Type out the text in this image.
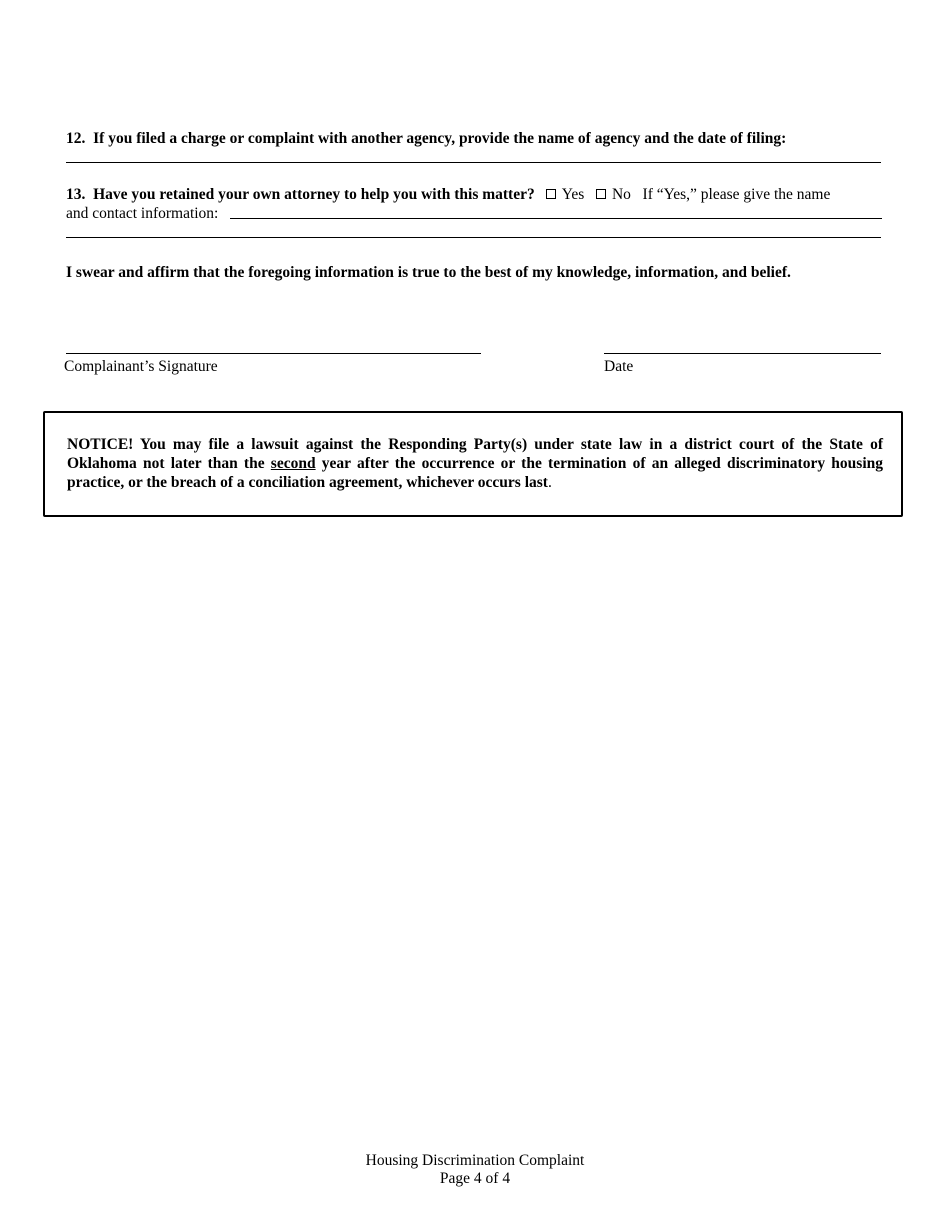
12. If you filed a charge or complaint with another agency, provide the name of agency and the date of filing:
13. Have you retained your own attorney to help you with this matter? Yes No If “Yes,” please give the name
and contact information:
I swear and affirm that the foregoing information is true to the best of my knowledge, information, and belief.
Complainant’s Signature	Date
NOTICE! You may file a lawsuit against the Responding Party(s) under state law in a district court of the State of Oklahoma not later than the second year after the occurrence or the termination of an alleged discriminatory housing practice, or the breach of a conciliation agreement, whichever occurs last.
Housing Discrimination Complaint
Page 4 of 4
